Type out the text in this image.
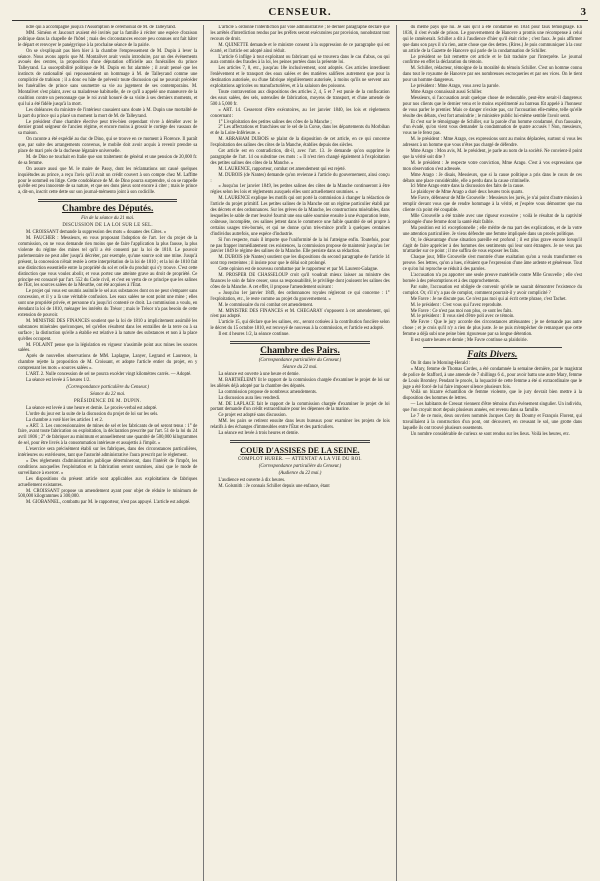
CENSEUR.	3

ndre qui a accompagné jusqu'à l'Assomption le ceremonial de M. de Talleyrand.

MM. Siméon et Jaucourt avaient été invités par la famille à réciter une espèce d'oraison politique dans la chapelle de l'hôtel ; mais des circonstances encore peu connues ont fait hâter le départ et renvoyer le panégyrique à la prochaine séance de la pairie.

On se s'expliquait pas bien hier à la chambre l'empressement de M. Dupin à lever la séance. Nous avons appris que M. Montalivet avait voulu introduire, par un des événements avoués des centres, la proposition d'une députation officielle aux funérailles du prince Talleyrand. La susceptibilité politique de M. Dupin en fut alarmée ; il avait pensé que les instincts de nationalité qui repousseraient un hommage à M. de Talleyrand comme une complicité de trahison ; il a donc eu hâte de prévenir toute discussion qui ne pouvait précéder les funérailles de prince sans soumettre sa vie au jugement de ses contemporains. M. Montalivet s'est plaint, avec sa maladresse habituelle, de ce qu'il a appelé une manœuvre de la coalition contre un personnage que le roi avait honoré de sa visite à ses derniers moments, et qui lui a été fidèle jusqu'à la mort.

Les doléances du ministre de l'intérieur causaient sans doute à M. Dupin une mortalité de la part du prince qui a placé un moment la mort de M. de Talleyrand.

Le président d'une chambre élective peut très-bien cependant vivre à démêler avec le dernier grand seigneur de l'ancien régime, et encore moins à grossir le cortège des vassaux de sa maison.

On raconte a été expédié au duc de Dino, qui se trouve en ce moment à Florence. Il paraît que, par suite des arrangements convenus, le mobile doit avoir acquis à revenir prendre sa place de mari près de la duchesse légataire universelle.

M. de Dino ne touchait en Italie que son traitement de général et une pension de 20,000 fr. de sa femme.

On assure aussi que M. le maire de Passy, dont les réclamations ont causé quelques inquiétudes au prince, a reçu l'avis qu'il avait un crédit couvert à son compte chez M. Laffitte pour le sommeil en litige. Cette condoléance de M. de Dino pourra surprendre, si on se rappelle qu'elle est peu innocente de sa nature, et que ses dons pieux sont encore à citer ; mais le prince a, dit-on, inscrit cette dette sur son journal-mémento joint à son codicille.

Chambre des Députés.
Fin de la séance du 21 mai.
DISCUSSION DE LA LOI SUR LE SEL.

M. CROISSANT demande la suppression des mots « douanes des Côtes. »

M. FAUCHER : Messieurs, en vous proposant l'adoption de l'art. 1er du projet de la commission, on ne vous demande rien moins que de faire l'application la plus fausse, la plus violente du régime des mines tel qu'il a été consenti par la loi de 1810. Le pouvoir parlementaire ne peut aller jusqu'à décréter, par exemple, qu'une source soit une mine. Jusqu'à présent, la concession n'était restée à cette interprétation de la loi de 1810 ; et la loi de 1810 fait une distinction essentielle entre la propriété du sol et celle du produit qui s'y trouve. C'est cette distinction que vous voulez abolir, et vous portez une atteinte grave au droit de propriété. Ce principe est consacré par l'art. 552 du Code civil, et c'est en vertu de ce principe que les salines de l'Est, les sources salées de la Meurthe, ont été acquises à l'État.

Le projet qui vous est soumis assimile le sel aux substances dont on ne peut s'emparer sans concession, et il y a là une véritable confusion. Les eaux salées ne sont point une mine ; elles sont une propriété privée, et personne n'a jusqu'ici contesté ce droit. La commission a voulu, en étendant la loi de 1810, ménager les intérêts du Trésor ; mais le Trésor n'a pas besoin de cette extension de pouvoir.

M. MINISTRE DES FINANCES soutient que la loi de 1810 a implicitement assimilé les substances minérales quelconques, tel qu'elles résultent dans les entrailles de la terre ou à sa surface ; la distinction qu'elle a établie est relative à la nature des substances et non à la place qu'elles occupent.

M. FOLAINT pense que la législation en vigueur n'assimile point aux mines les sources salées.

Après de nouvelles observations de MM. Laplagne, Lanyer, Legrand et Laurence, la chambre rejette la proposition de M. Croissant, et adopte l'article entier du projet, en y comprenant les mots « sources salées ».

L'ART. 2. Nulle concession de sel ne pourra excéder vingt kilomètres carrés. — Adopté.

La séance est levée à 5 heures 1/2.

(Correspondance particulière du Censeur.)
Séance du 22 mai.
PRÉSIDENCE DE M. DUPIN.

La séance est levée à une heure et demie. Le procès-verbal est adopté.

L'ordre du jour est la suite de la discussion du projet de loi sur les sels.

La chambre a voté hier les articles 1 et 2.

« ART. 3. Les concessionnaires de mines de sel et les fabricants de sel seront tenus : 1° de faire, avant toute fabrication ou exploitation, la déclaration prescrite par l'art. 51 de la loi du 24 avril 1806 ; 2° de fabriquer au minimum et annuellement une quantité de 500,000 kilogrammes de sel, pour être livrés à la consommation intérieure et assujettis à l'impôt. »

L'exercice sera précisément établi sur les fabriques, dans des circonstances particulières, intérieures ou extérieures, tant que l'autorité administrative l'aura prescrit par le règlement.

« Des règlements d'administration publique détermineront, dans l'intérêt de l'impôt, les conditions auxquelles l'exploitation et la fabrication seront soumises, ainsi que le mode de surveillance à exercer. »

Les dispositions du présent article sont applicables aux exploitations de fabriques actuellement existantes.

M. CROISSANT propose un amendement ayant pour objet de réduire le minimum de 500,000 kilogrammes à 300,000.

M. GIOBANNEL, combattu par M. le rapporteur, n'est pas appuyé. L'article est adopté.

L'article 5 ordonne l'interdiction par voie administrative ; le dernier paragraphe déclare que les arrêtés d'interdiction rendus par les préfets seront exécutoires par provision, nonobstant tout recours de droit.

M. QUINETTE demande et le ministre consent à la suppression de ce paragraphe qui est écarté, et l'article est adopté ainsi réduit.

L'article 6 inflige à tout exploitant ou fabricant qui se trouvera dans le cas d'abus, ou qui aura commis des fraudes à la loi, les peines portées dans la présente loi.

Les articles 7, 8, etc., jusqu'au 18e inclusivement, sont adoptés. Ces articles interdisent l'enlèvement et le transport des eaux salées et des matières salifères autrement que pour la destination autorisée, ou d'une fabrique régulièrement autorisée, à moins qu'ils ne servent aux exploitations agricoles ou manufacturières, et à la salaison des poissons.

Toute contravention aux dispositions des articles 2, 4, 5 et 7 est punie de la confiscation des eaux salées, des sels, ustensiles de fabrication, moyens de transport, et d'une amende de 500 à 5,000 fr.

« ART. 14. Cesseront d'être exécutoires, au 1er janvier 1840, les lois et règlements concernant :

1° L'exploitation des petites salines des côtes de la Manche ;

2° Les affectations et franchises sur le sel de la Corse, dans les départements du Morbihan et de la Loire-Inférieure. »

M. ABRAHAM DUBOIS se plaint de la disposition de cet article, en ce qui concerne l'exploitation des salines des côtes de la Manche, établies depuis des siècles.

Cet article est en contradiction, dit-il, avec l'art. 13. Je demande qu'on supprime le paragraphe de l'art. 14 ou substitue ces mots : « Il n'est rien changé également à l'exploitation des petites salines des côtes de la Manche. »

M. LAURENCE, rapporteur, combat cet amendement qui est rejeté.

M. DUBOIS (de Nantes) demande qu'on revienne à l'article du gouvernement, ainsi conçu :

« Jusqu'au 1er janvier 1849, les petites salines des côtes de la Manche continueront à être régies selon les lois et règlements auxquels elles sont actuellement soumises. »

M. LAURENCE explique les motifs qui ont porté la commission à changer la rédaction de l'article du projet primitif. Les petites salines de la Manche ont un régime particulier établi par des décrets et des ordonnances. Sur les grèves de la Manche, les constructions misérables, dans lesquelles le sable de mer lessivé fournit une eau salée soumise ensuite à une évaporation lente, coûteuse, incomplète, ces salines jettent dans le commerce une faible quantité de sel propre à certains usages très-bornés, et qui ne donne qu'un très-mince profit à quelques centaines d'individus autrefois, une espèce d'industrie.

Si l'on respecte, mais il importe que l'uniformité de la loi l'atteigne enfin. Toutefois, pour ne pas frapper immédiatement ces existences, la commission propose de maintenir jusqu'au 1er janvier 1849 le régime des salines de la Manche. Elle persiste dans sa rédaction.

M. DUBOIS (de Nantes) soutient que les dispositions du second paragraphe de l'article 14 sont trop restreintes ; il insiste pour que le délai soit prolongé.

Cette opinion est de nouveau combattue par le rapporteur et par M. Laurent-Galagne.

M. PROSPER DE CHASSELOUP croit qu'il voudrait mieux laisser au ministre des finances le soin de faire cesser, sous sa responsabilité, le privilège dont jouissent les salines des côtes de la Manche. A cet effet, il propose l'amendement suivant :

« Jusqu'au 1er janvier 1849, des ordonnances royales régleront ce qui concerne : 1° l'exploitation, etc., le reste comme au projet du gouvernement. »

M. le commissaire du roi combat cet amendement.

M. MINISTRE DES FINANCES et M. CHEGARAY s'opposent à cet amendement, qui n'est pas adopté.

L'article 15, qui déclare que les salines, etc., seront cotisées à la contribution foncière selon le décret du 15 octobre 1810, est renvoyé de nouveau à la commission, et l'article est adopté.

Il est 4 heures 1/2, la séance continue.

Chambre des Pairs.
(Correspondance particulière du Censeur.)
Séance du 22 mai.

La séance est ouverte à une heure et demie.

M. BARTHÉLEMY lit le rapport de la commission chargée d'examiner le projet de loi sur les aliénés déjà adopté par la chambre des députés.

La commission propose de nombreux amendements.

La discussion aura lieu vendredi.

M. DE LAPLACE fait le rapport de la commission chargée d'examiner le projet de loi portant demande d'un crédit extraordinaire pour les dépenses de la marine.

Ce projet est adopté sans discussion.

MM. les pairs se retirent ensuite dans leurs bureaux pour examiner les projets de lois relatifs à des échanges d'immeubles entre l'État et des particuliers.

La séance est levée à trois heures et demie.

COUR D'ASSISES DE LA SEINE.
COMPLOT HUBER. — ATTENTAT A LA VIE DU ROI.
(Correspondance particulière du Censeur.)
(Audience du 22 mai.)

L'audience est ouverte à dix heures.

M. Golsmith : Je connais Schiller depuis une enfance, étant

du même pays que lui. Je sais qu'il a été condamné en 1834 pour faux témoignage. En 1836, il s'est évadé de prison. Le gouvernement de Hanovre a promis une récompense à celui qui le ramènerait. Schiller a dit à l'audience d'hier qu'il était riche ; c'est faux. Je puis affirmer que dans son pays il n'a rien, autre chose que des dettes. (Rires.) Je puis communiquer à la cour un article de la Gazette de Hanovre qui parle de la condamnation de Schiller.

Le président se fait remettre cet article et le fait traduire par l'interprète. Le journal confirme en effet la déclaration du témoin.

M. Schiller, rédacteur, témoigne de la moralité du témoin Schiller. C'est un homme connu dans tout le royaume de Hanovre par ses nombreuses escroqueries et par ses vices. On le tient pour un homme dangereux.

Le président : Mme Arago, vous avez la parole.

Mme Arago connaissait aussi Schiller.

Messieurs, si l'accusation avait quelque chose de redoutable, peut-être serait-il dangereux pour nos clients que le dernier venu et le moins expérimenté au barreau fût appelé à l'honneur de vous parler le premier. Mais ce danger n'existe pas, car l'accusation elle-même, telle qu'elle résulte des débats, s'est fort amoindrie ; le ministère public lui-même semble l'avoir senti.

Et c'est sur le témoignage de Schiller, sur la parole d'un homme condamné, d'un faussaire, d'un évadé, qu'on vient vous demander la condamnation de quatre accusés ! Non, messieurs, vous ne le ferez pas.

M. le président : Mme Arago, ces expressions sont au moins déplacées, surtout si vous les adressez à un homme que vous n'êtes pas chargé de défendre.

Mme Arago : Mon avis, M. le président, je parle au nom de la société. Ne convient-il point que la vérité soit dite ?

M. le président : Je respecte votre conviction, Mme Arago. C'est à vos expressions que mon observation s'est adressée.

Mme Arago : Je disais, Messieurs, que si la cause politique a pris dans le cours de ces débats une place considérable, elle a perdu dans la cause criminelle.

Ici Mme Arago entre dans la discussion des faits de la cause.

Le plaidoyer de Mme Arago a duré deux heures trois quarts.

Me Favre, défenseur de Mlle Grouvelle : Messieurs les jurés, je n'ai point d'autre mission à remplir devant vous que de rendre hommage à la vérité, et j'espère vous démontrer que ma cliente n'a point été coupable.

Mlle Grouvelle a été traitée avec une rigueur excessive ; voilà le résultat de la captivité prolongée d'une femme dont la santé était faible.

Ma position est ici exceptionnelle ; elle mérite de ma part des explications, et de la votre une attention particulière. Je viens défendre une femme impliquée dans un procès politique.

Or, le désavantage d'une situation pareille est profond ; il est plus grave encore lorsqu'il s'agit de faire apprécier à des hommes des sentiments qui leur sont étrangers. Je ne veux pas m'attarder sur ce point ; il me suffira de vous exposer les faits.

Chaque jour, Mlle Grouvelle s'est montrée d'une exaltation qu'on a voulu transformer en preuve. Ses lettres, qu'on a lues, n'étaient que l'expression d'une âme ardente et généreuse. Tout ce qu'on lui reproche se réduit à des paroles.

L'accusation n'a pu apporter une seule preuve matérielle contre Mlle Grouvelle ; elle s'est bornée à des présomptions et à des rapprochements.

Par suite, l'accusation est obligée de convenir qu'elle ne saurait démontrer l'existence du complot. Or, s'il n'y a pas de complot, comment pourrait-il y avoir complicité ?

Me Favre : Je ne discute pas. Ce n'est pas moi qui ai écrit cette phrase, c'est Tachet.

M. le président : C'est vous qui l'avez reproduite.

Me Favre : Ce n'est pas moi non plus, ce sont les faits.

M. le président : Il vous sied d'être poli avec ce témoin.

Me Favre : Que le jury accorde des circonstances atténuantes ; je ne demande pas autre chose ; et je crois qu'il n'y a rien de plus juste. Je ne puis m'empêcher de remarquer que cette femme a déjà subi une peine bien rigoureuse par sa longue détention.

Il est quatre heures et demie ; Me Favre continue sa plaidoirie.

Faits Divers.

On lit dans le Morning-Herald :

« Mary, femme de Thomas Cordes, a été condamnée la semaine dernière, par le magistrat de police de Stafford, à une amende de 7 shillings 6 d., pour avoir battu une autre Mary, femme de Louis Bromley. Pendant le procès, la loquacité de cette femme a été si extraordinaire que le juge a été forcé de lui faire imposer silence plusieurs fois.

Voilà un bizarre échantillon de femme violente, que le jury devrait bien mettre à la disposition des hommes de lettres.

— Les habitants de Cressat viennent d'être témoins d'un événement singulier. Un individu, que l'on croyait mort depuis plusieurs années, est revenu dans sa famille.

Le 7 de ce mois, deux ouvriers nommés Jacques Cory du Doumy et François Florent, qui travaillaient à la construction d'un pont, ont découvert, en creusant le sol, une grotte dans laquelle ils ont trouvé plusieurs ossements.

Un nombre considérable de curieux se sont rendus sur les lieux. Voilà les heures, etc.
